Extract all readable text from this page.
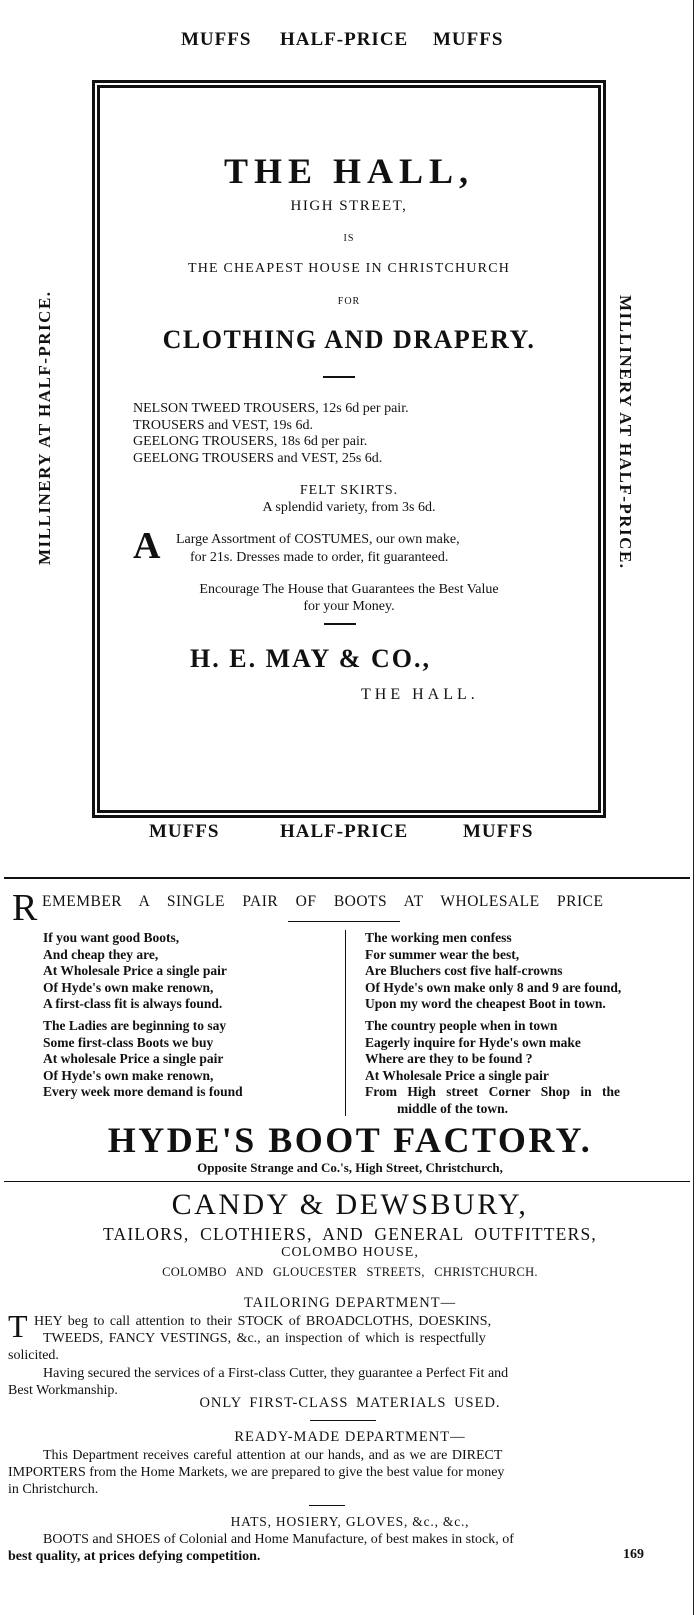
MUFFS HALF-PRICE MUFFS
MILLINERY AT HALF-PRICE.	MILLINERY AT HALF-PRICE.
THE HALL,
HIGH STREET,
IS
THE CHEAPEST HOUSE IN CHRISTCHURCH
FOR
CLOTHING AND DRAPERY.
NELSON TWEED TROUSERS, 12s 6d per pair.
TROUSERS and VEST, 19s 6d.
GEELONG TROUSERS, 18s 6d per pair.
GEELONG TROUSERS and VEST, 25s 6d.
FELT SKIRTS.
A splendid variety, from 3s 6d.
A Large Assortment of COSTUMES, our own make,
for 21s. Dresses made to order, fit guaranteed.
Encourage The House that Guarantees the Best Value
for your Money.
H. E. MAY & CO.,
THE HALL.
MUFFS	HALF-PRICE	MUFFS
R EMEMBER A SINGLE PAIR OF BOOTS AT WHOLESALE PRICE
If you want good Boots,
And cheap they are,
At Wholesale Price a single pair
Of Hyde's own make renown,
A first-class fit is always found.
The Ladies are beginning to say
Some first-class Boots we buy
At wholesale Price a single pair
Of Hyde's own make renown,
Every week more demand is found
The working men confess
For summer wear the best,
Are Bluchers cost five half-crowns
Of Hyde's own make only 8 and 9 are found,
Upon my word the cheapest Boot in town.
The country people when in town
Eagerly inquire for Hyde's own make
Where are they to be found ?
At Wholesale Price a single pair
From High street Corner Shop in the
middle of the town.
HYDE'S BOOT FACTORY.
Opposite Strange and Co.'s, High Street, Christchurch,
CANDY & DEWSBURY,
TAILORS, CLOTHIERS, AND GENERAL OUTFITTERS,
COLOMBO HOUSE,
COLOMBO AND GLOUCESTER STREETS, CHRISTCHURCH.
TAILORING DEPARTMENT—
T HEY beg to call attention to their STOCK of BROADCLOTHS, DOESKINS,
TWEEDS, FANCY VESTINGS, &c., an inspection of which is respectfully
solicited.
Having secured the services of a First-class Cutter, they guarantee a Perfect Fit and
Best Workmanship.
ONLY FIRST-CLASS MATERIALS USED.
READY-MADE DEPARTMENT—
This Department receives careful attention at our hands, and as we are DIRECT
IMPORTERS from the Home Markets, we are prepared to give the best value for money
in Christchurch.
HATS, HOSIERY, GLOVES, &c., &c.,
BOOTS and SHOES of Colonial and Home Manufacture, of best makes in stock, of
best quality, at prices defying competition.	169
